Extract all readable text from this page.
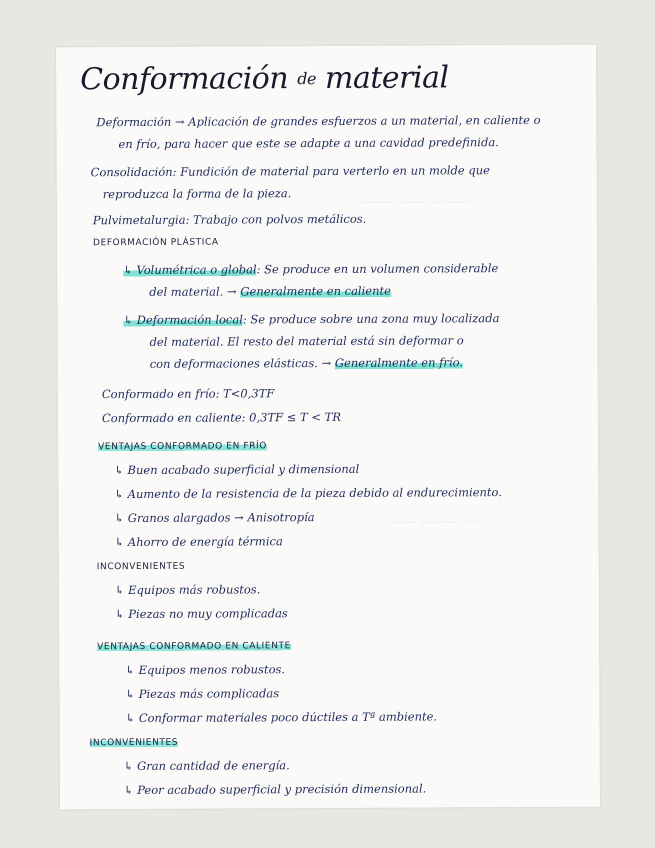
~~~~ ~~~ ~~~~~
~~~ ~~~~ ~~
Conformación de material
Deformación → Aplicación de grandes esfuerzos a un material, en caliente o
en frío, para hacer que este se adapte a una cavidad predefinida.
Consolidación: Fundición de material para verterlo en un molde que
reproduzca la forma de la pieza.
Pulvimetalurgia: Trabajo con polvos metálicos.
DEFORMACIÓN PLÁSTICA
↳ Volumétrica o global: Se produce en un volumen considerable
del material. → Generalmente en caliente
↳ Deformación local: Se produce sobre una zona muy localizada
del material. El resto del material está sin deformar o
con deformaciones elásticas. → Generalmente en frío.
Conformado en frío: T<0,3TF
Conformado en caliente: 0,3TF ≤ T < TR
VENTAJAS CONFORMADO EN FRÍO
↳ Buen acabado superficial y dimensional
↳ Aumento de la resistencia de la pieza debido al endurecimiento.
↳ Granos alargados → Anisotropía
↳ Ahorro de energía térmica
INCONVENIENTES
↳ Equipos más robustos.
↳ Piezas no muy complicadas
VENTAJAS CONFORMADO EN CALIENTE
↳ Equipos menos robustos.
↳ Piezas más complicadas
↳ Conformar materiales poco dúctiles a Tª ambiente.
INCONVENIENTES
↳ Gran cantidad de energía.
↳ Peor acabado superficial y precisión dimensional.
